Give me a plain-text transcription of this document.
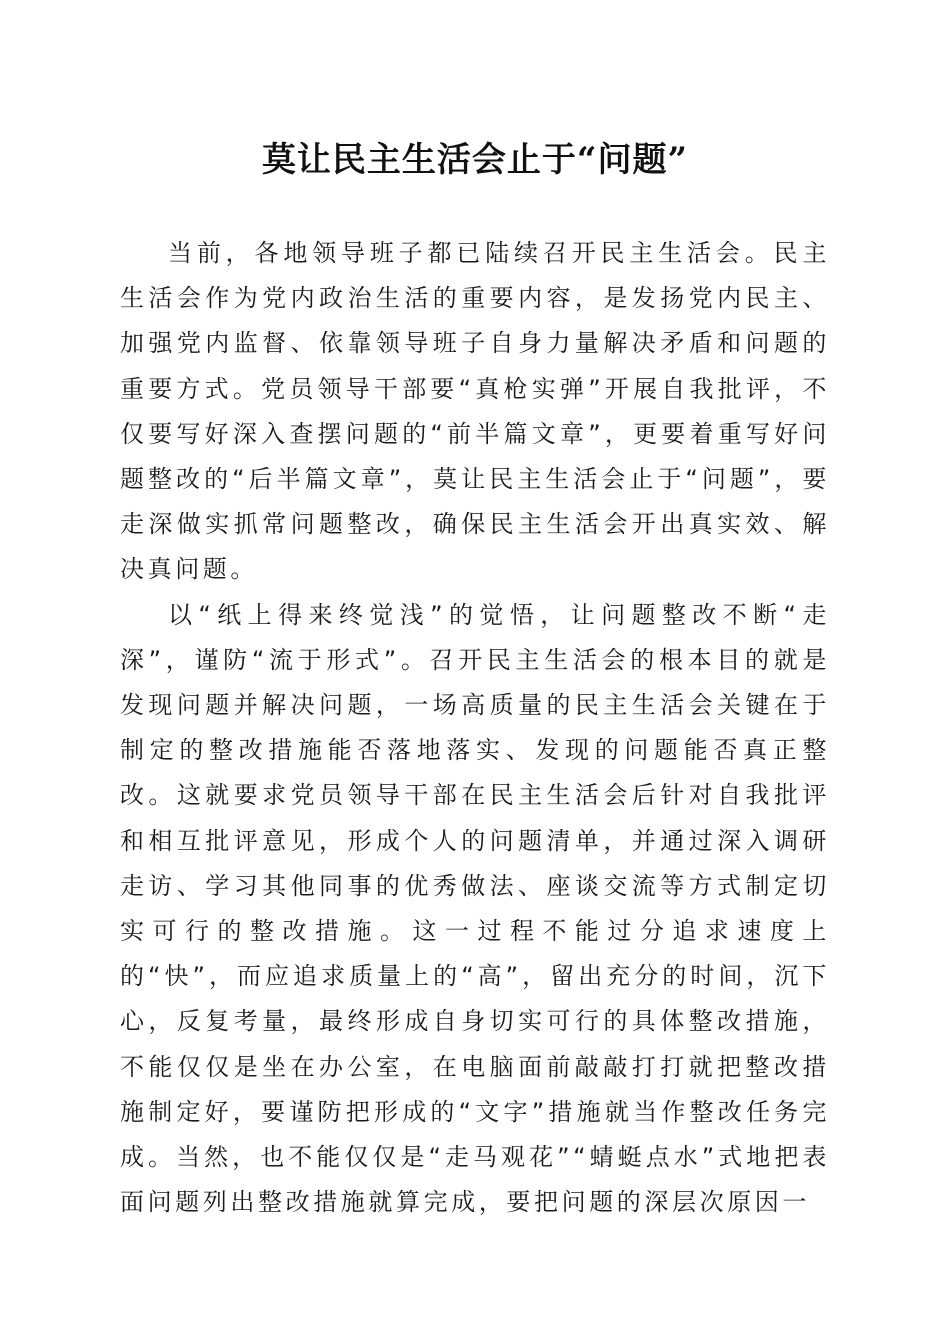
莫让民主生活会止于“问题”

当前，各地领导班子都已陆续召开民主生活会。民主生活会作为党内政治生活的重要内容，是发扬党内民主、加强党内监督、依靠领导班子自身力量解决矛盾和问题的重要方式。党员领导干部要“真枪实弹”开展自我批评，不仅要写好深入查摆问题的“前半篇文章”，更要着重写好问题整改的“后半篇文章”，莫让民主生活会止于“问题”，要走深做实抓常问题整改，确保民主生活会开出真实效、解决真问题。

以“纸上得来终觉浅”的觉悟，让问题整改不断“走深”，谨防“流于形式”。召开民主生活会的根本目的就是发现问题并解决问题，一场高质量的民主生活会关键在于制定的整改措施能否落地落实、发现的问题能否真正整改。这就要求党员领导干部在民主生活会后针对自我批评和相互批评意见，形成个人的问题清单，并通过深入调研走访、学习其他同事的优秀做法、座谈交流等方式制定切实可行的整改措施。这一过程不能过分追求速度上的“快”，而应追求质量上的“高”，留出充分的时间，沉下心，反复考量，最终形成自身切实可行的具体整改措施，不能仅仅是坐在办公室，在电脑面前敲敲打打就把整改措施制定好，要谨防把形成的“文字”措施就当作整改任务完成。当然，也不能仅仅是“走马观花”“蜻蜓点水”式地把表面问题列出整改措施就算完成，要把问题的深层次原因一
